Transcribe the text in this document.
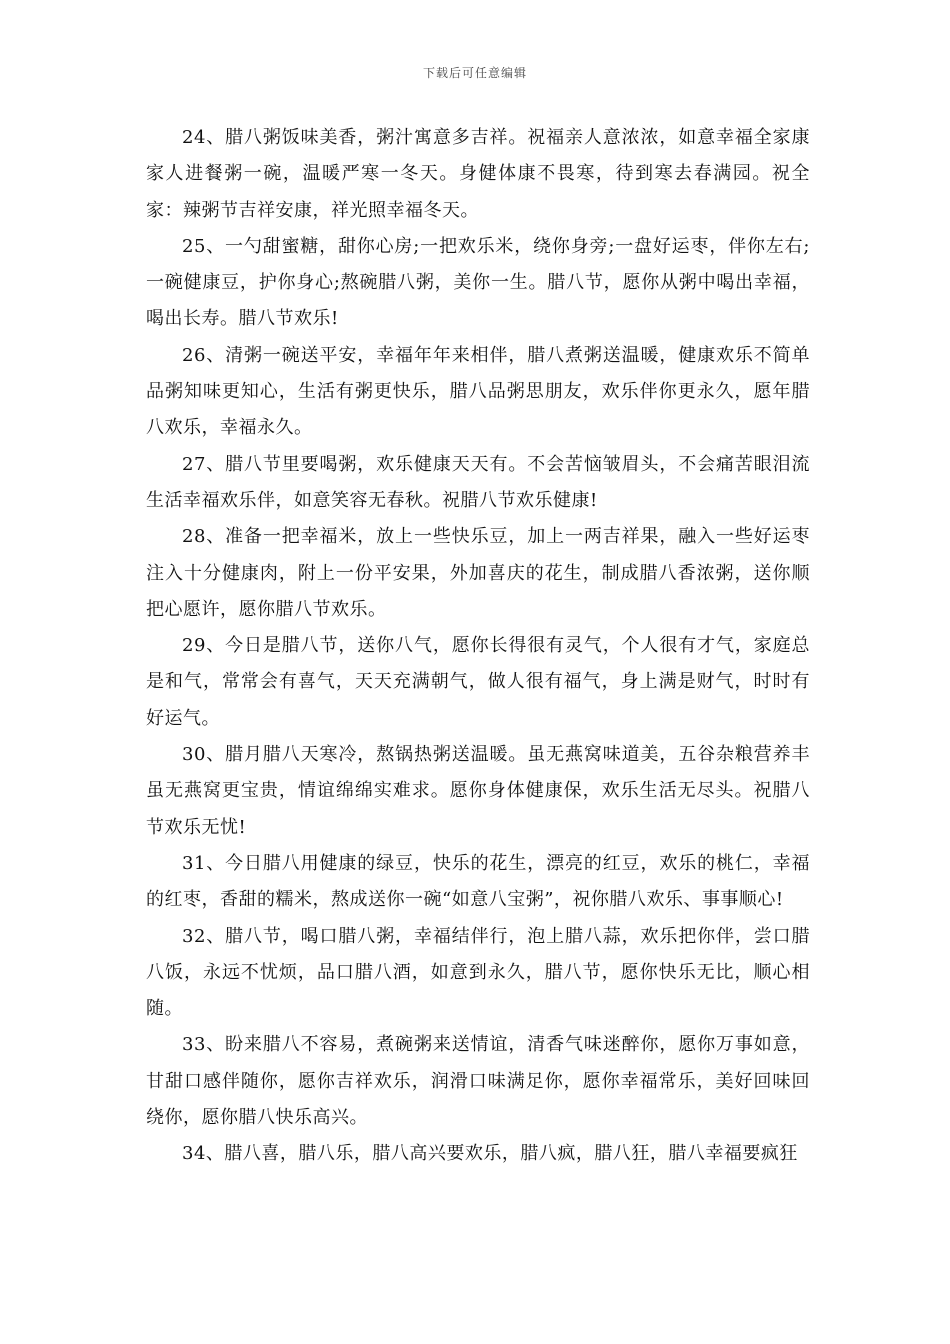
下载后可任意编辑

24、腊八粥饭味美香，粥汁寓意多吉祥。祝福亲人意浓浓，如意幸福全家康家人进餐粥一碗，温暖严寒一冬天。身健体康不畏寒，待到寒去春满园。祝全家：辣粥节吉祥安康，祥光照幸福冬天。

25、一勺甜蜜糖，甜你心房;一把欢乐米，绕你身旁;一盘好运枣，伴你左右;一碗健康豆，护你身心;熬碗腊八粥，美你一生。腊八节，愿你从粥中喝出幸福，喝出长寿。腊八节欢乐!

26、清粥一碗送平安，幸福年年来相伴，腊八煮粥送温暖，健康欢乐不简单品粥知味更知心，生活有粥更快乐，腊八品粥思朋友，欢乐伴你更永久，愿年腊八欢乐，幸福永久。

27、腊八节里要喝粥，欢乐健康天天有。不会苦恼皱眉头，不会痛苦眼泪流生活幸福欢乐伴，如意笑容无春秋。祝腊八节欢乐健康!

28、准备一把幸福米，放上一些快乐豆，加上一两吉祥果，融入一些好运枣注入十分健康肉，附上一份平安果，外加喜庆的花生，制成腊八香浓粥，送你顺把心愿许，愿你腊八节欢乐。

29、今日是腊八节，送你八气，愿你长得很有灵气，个人很有才气，家庭总是和气，常常会有喜气，天天充满朝气，做人很有福气，身上满是财气，时时有好运气。

30、腊月腊八天寒冷，熬锅热粥送温暖。虽无燕窝味道美，五谷杂粮营养丰虽无燕窝更宝贵，情谊绵绵实难求。愿你身体健康保，欢乐生活无尽头。祝腊八节欢乐无忧!

31、今日腊八用健康的绿豆，快乐的花生，漂亮的红豆，欢乐的桃仁，幸福的红枣，香甜的糯米，熬成送你一碗“如意八宝粥”，祝你腊八欢乐、事事顺心!

32、腊八节，喝口腊八粥，幸福结伴行，泡上腊八蒜，欢乐把你伴，尝口腊八饭，永远不忧烦，品口腊八酒，如意到永久，腊八节，愿你快乐无比，顺心相随。

33、盼来腊八不容易，煮碗粥来送情谊，清香气味迷醉你，愿你万事如意，甘甜口感伴随你，愿你吉祥欢乐，润滑口味满足你，愿你幸福常乐，美好回味回绕你，愿你腊八快乐高兴。

34、腊八喜，腊八乐，腊八高兴要欢乐，腊八疯，腊八狂，腊八幸福要疯狂
